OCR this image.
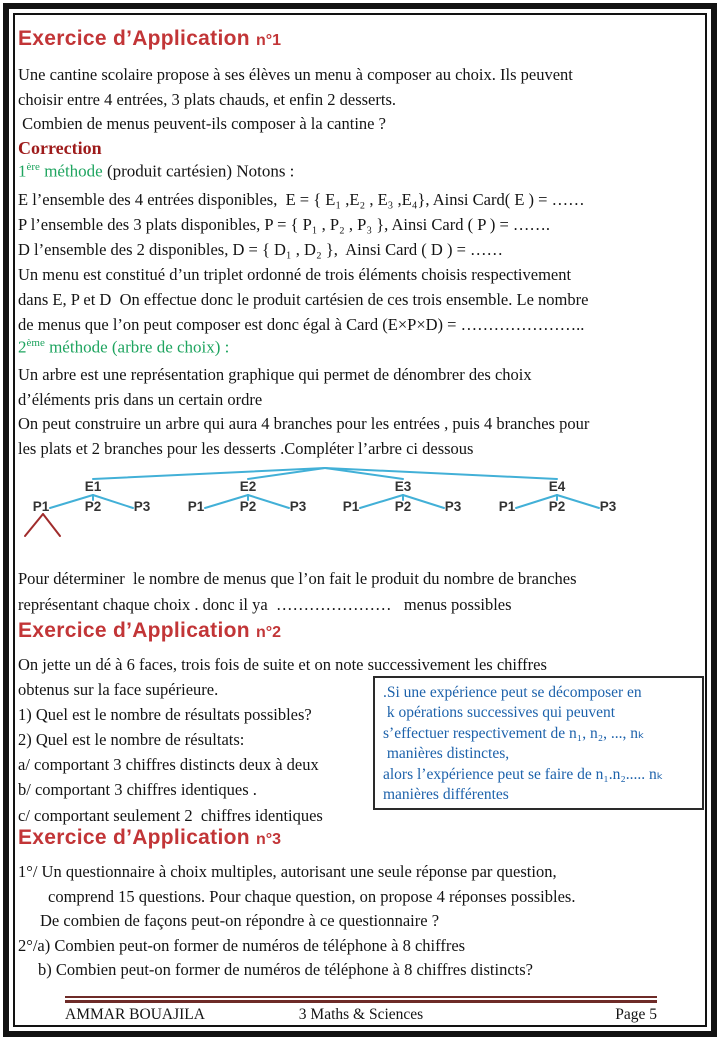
Exercice d’Application n°1
Une cantine scolaire propose à ses élèves un menu à composer au choix. Ils peuvent
choisir entre 4 entrées, 3 plats chauds, et enfin 2 desserts.
Combien de menus peuvent-ils composer à la cantine ?
Correction
1ère méthode (produit cartésien) Notons :
E l’ensemble des 4 entrées disponibles,  E = { E₁ ,E₂ , E₃ ,E₄}, Ainsi Card( E ) = ……
P l’ensemble des 3 plats disponibles, P = { P₁ , P₂ , P₃ }, Ainsi Card ( P ) = …….
D l’ensemble des 2 disponibles, D = { D₁ , D₂ },  Ainsi Card ( D ) = ……
Un menu est constitué d’un triplet ordonné de trois éléments choisis respectivement
dans E, P et D  On effectue donc le produit cartésien de ces trois ensemble. Le nombre
de menus que l’on peut composer est donc égal à Card (E×P×D) = …………………..
2ème méthode (arbre de choix) :
Un arbre est une représentation graphique qui permet de dénombrer des choix
d’éléments pris dans un certain ordre
On peut construire un arbre qui aura 4 branches pour les entrées , puis 4 branches pour
les plats et 2 branches pour les desserts .Compléter l’arbre ci dessous
E1
P1	P2 P3
E2
P1	P2 P3
E3
P1	P2 P3
E4
P1 P2	P3
Pour déterminer  le nombre de menus que l’on fait le produit du nombre de branches
représentant chaque choix . donc il ya  …………………   menus possibles
Exercice d’Application n°2
On jette un dé à 6 faces, trois fois de suite et on note successivement les chiffres
obtenus sur la face supérieure.
1) Quel est le nombre de résultats possibles?
2) Quel est le nombre de résultats:
a/ comportant 3 chiffres distincts deux à deux
b/ comportant 3 chiffres identiques .
c/ comportant seulement 2  chiffres identiques
.Si une expérience peut se décomposer en
k opérations successives qui peuvent
s’effectuer respectivement de n₁, n₂, ..., nₖ
manières distinctes,
alors l’expérience peut se faire de n₁.n₂..... nₖ
manières différentes
Exercice d’Application n°3
1°/ Un questionnaire à choix multiples, autorisant une seule réponse par question,
comprend 15 questions. Pour chaque question, on propose 4 réponses possibles.
De combien de façons peut-on répondre à ce questionnaire ?
2°/a) Combien peut-on former de numéros de téléphone à 8 chiffres
b) Combien peut-on former de numéros de téléphone à 8 chiffres distincts?
AMMAR BOUAJILA	3 Maths & Sciences	Page 5
